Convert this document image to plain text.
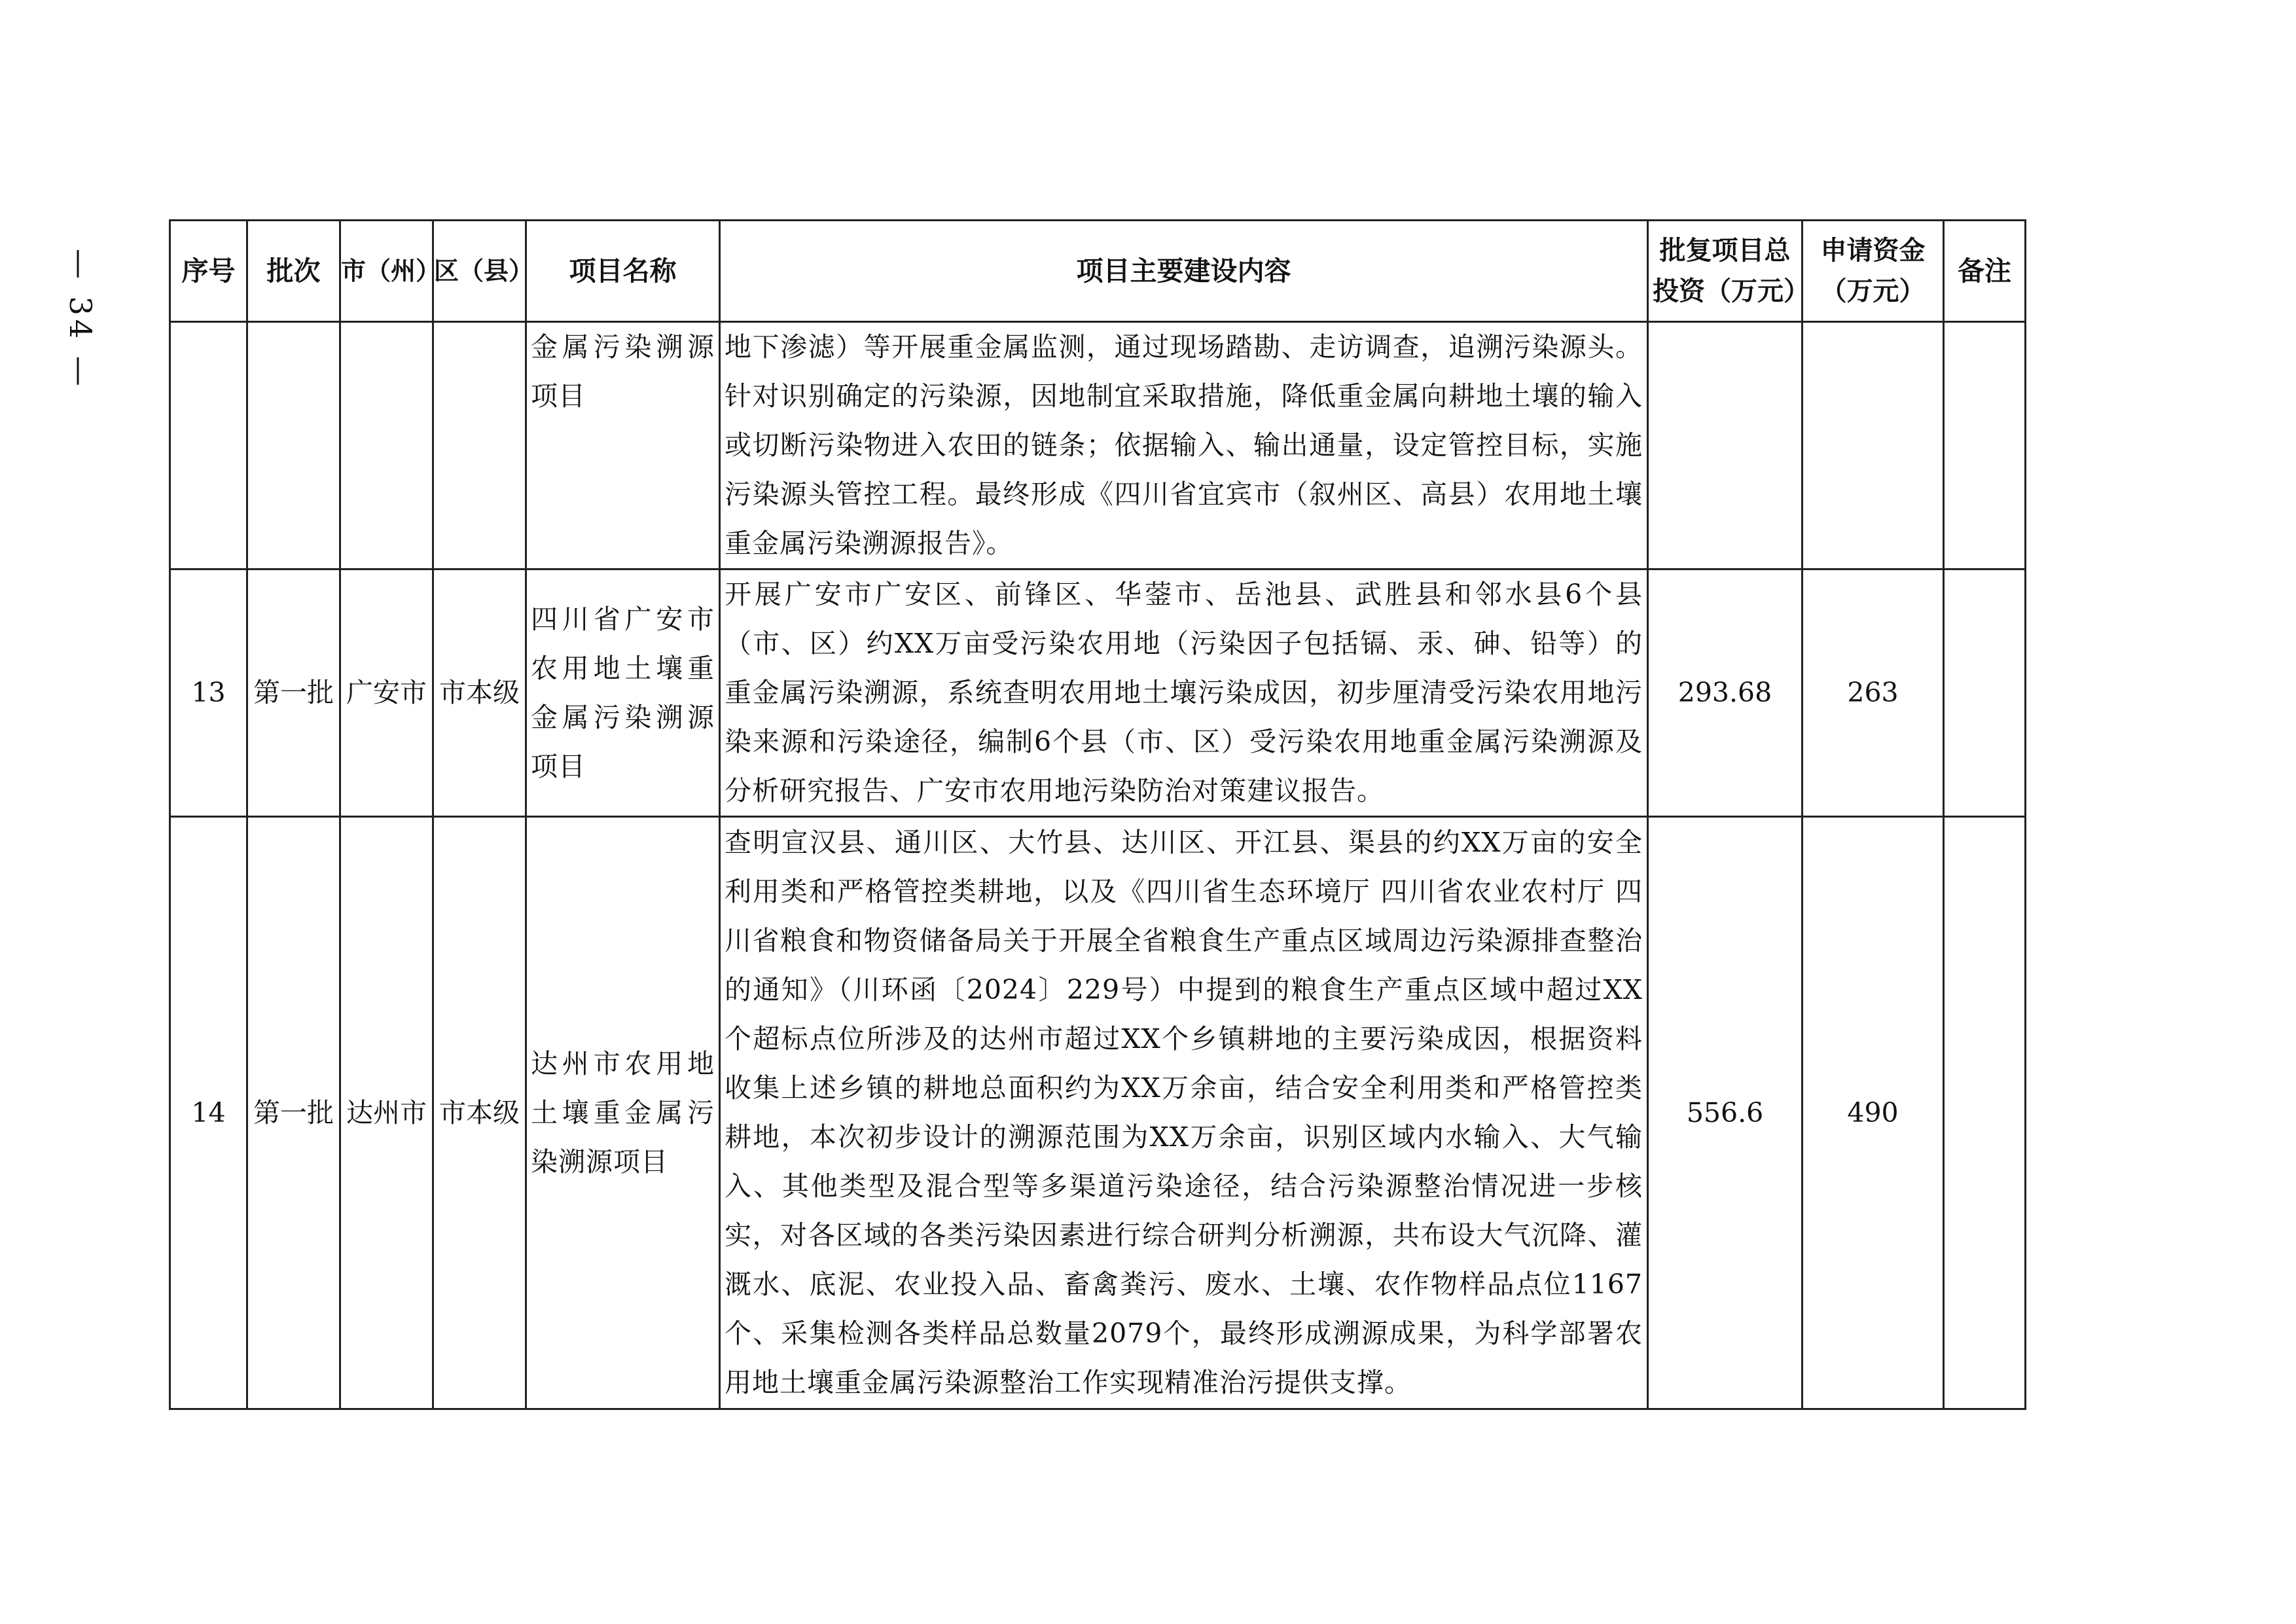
— 34 —	序号	批次	市（州）	区（县）	项目名称	项目主要建设内容	批复项目总投资（万元）	申请资金（万元）	备注

				金属污染溯源项目	地下渗滤）等开展重金属监测，通过现场踏勘、走访调查，追溯污染源头。针对识别确定的污染源，因地制宜采取措施，降低重金属向耕地土壤的输入或切断污染物进入农田的链条；依据输入、输出通量，设定管控目标，实施污染源头管控工程。最终形成《四川省宜宾市（叙州区、高县）农用地土壤重金属污染溯源报告》。			

13	第一批	广安市	市本级	四川省广安市农用地土壤重金属污染溯源项目	开展广安市广安区、前锋区、华蓥市、岳池县、武胜县和邻水县6个县（市、区）约XX万亩受污染农用地（污染因子包括镉、汞、砷、铅等）的重金属污染溯源，系统查明农用地土壤污染成因，初步厘清受污染农用地污染来源和污染途径，编制6个县（市、区）受污染农用地重金属污染溯源及分析研究报告、广安市农用地污染防治对策建议报告。	293.68	263	
14	第一批	达州市	市本级	达州市农用地土壤重金属污染溯源项目	查明宣汉县、通川区、大竹县、达川区、开江县、渠县的约XX万亩的安全利用类和严格管控类耕地，以及《四川省生态环境厅 四川省农业农村厅 四川省粮食和物资储备局关于开展全省粮食生产重点区域周边污染源排查整治的通知》（川环函〔2024〕229号）中提到的粮食生产重点区域中超过XX个超标点位所涉及的达州市超过XX个乡镇耕地的主要污染成因，根据资料收集上述乡镇的耕地总面积约为XX万余亩，结合安全利用类和严格管控类耕地，本次初步设计的溯源范围为XX万余亩，识别区域内水输入、大气输入、其他类型及混合型等多渠道污染途径，结合污染源整治情况进一步核实，对各区域的各类污染因素进行综合研判分析溯源，共布设大气沉降、灌溉水、底泥、农业投入品、畜禽粪污、废水、土壤、农作物样品点位1167个、采集检测各类样品总数量2079个，最终形成溯源成果，为科学部署农用地土壤重金属污染源整治工作实现精准治污提供支撑。	556.6	490	
